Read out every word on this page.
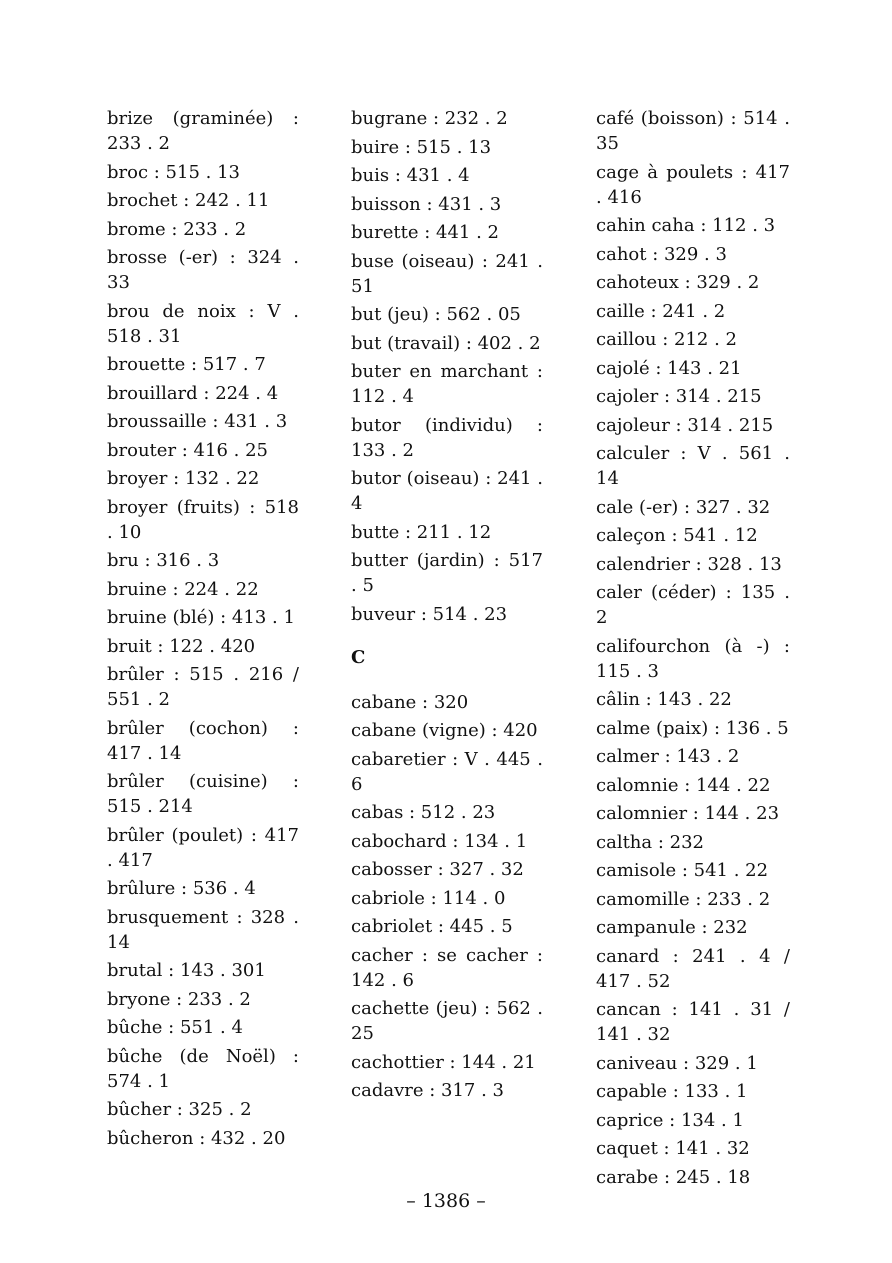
brize (graminée) : 233 . 2
broc : 515 . 13
brochet : 242 . 11
brome : 233 . 2
brosse (-er) : 324 . 33
brou de noix : V . 518 . 31
brouette : 517 . 7
brouillard : 224 . 4
broussaille : 431 . 3
brouter : 416 . 25
broyer : 132 . 22
broyer (fruits) : 518 . 10
bru : 316 . 3
bruine : 224 . 22
bruine (blé) : 413 . 1
bruit : 122 . 420
brûler : 515 . 216 / 551 . 2
brûler (cochon) : 417 . 14
brûler (cuisine) : 515 . 214
brûler (poulet) : 417 . 417
brûlure : 536 . 4
brusquement : 328 . 14
brutal : 143 . 301
bryone : 233 . 2
bûche : 551 . 4
bûche (de Noël) : 574 . 1
bûcher : 325 . 2
bûcheron : 432 . 20
bugrane : 232 . 2
buire : 515 . 13
buis : 431 . 4
buisson : 431 . 3
burette : 441 . 2
buse (oiseau) : 241 . 51
but (jeu) : 562 . 05
but (travail) : 402 . 2
buter en marchant : 112 . 4
butor (individu) : 133 . 2
butor (oiseau) : 241 . 4
butte : 211 . 12
butter (jardin) : 517 . 5
buveur : 514 . 23
C
cabane : 320
cabane (vigne) : 420
cabaretier : V . 445 . 6
cabas : 512 . 23
cabochard : 134 . 1
cabosser : 327 . 32
cabriole : 114 . 0
cabriolet : 445 . 5
cacher : se cacher : 142 . 6
cachette (jeu) : 562 . 25
cachottier : 144 . 21
cadavre : 317 . 3
café (boisson) : 514 . 35
cage à poulets : 417 . 416
cahin caha : 112 . 3
cahot : 329 . 3
cahoteux : 329 . 2
caille : 241 . 2
caillou : 212 . 2
cajolé : 143 . 21
cajoler : 314 . 215
cajoleur : 314 . 215
calculer : V . 561 . 14
cale (-er) : 327 . 32
caleçon : 541 . 12
calendrier : 328 . 13
caler (céder) : 135 . 2
califourchon (à -) : 115 . 3
câlin : 143 . 22
calme (paix) : 136 . 5
calmer : 143 . 2
calomnie : 144 . 22
calomnier : 144 . 23
caltha : 232
camisole : 541 . 22
camomille : 233 . 2
campanule : 232
canard : 241 . 4 / 417 . 52
cancan : 141 . 31 / 141 . 32
caniveau : 329 . 1
capable : 133 . 1
caprice : 134 . 1
caquet : 141 . 32
carabe : 245 . 18
– 1386 –
